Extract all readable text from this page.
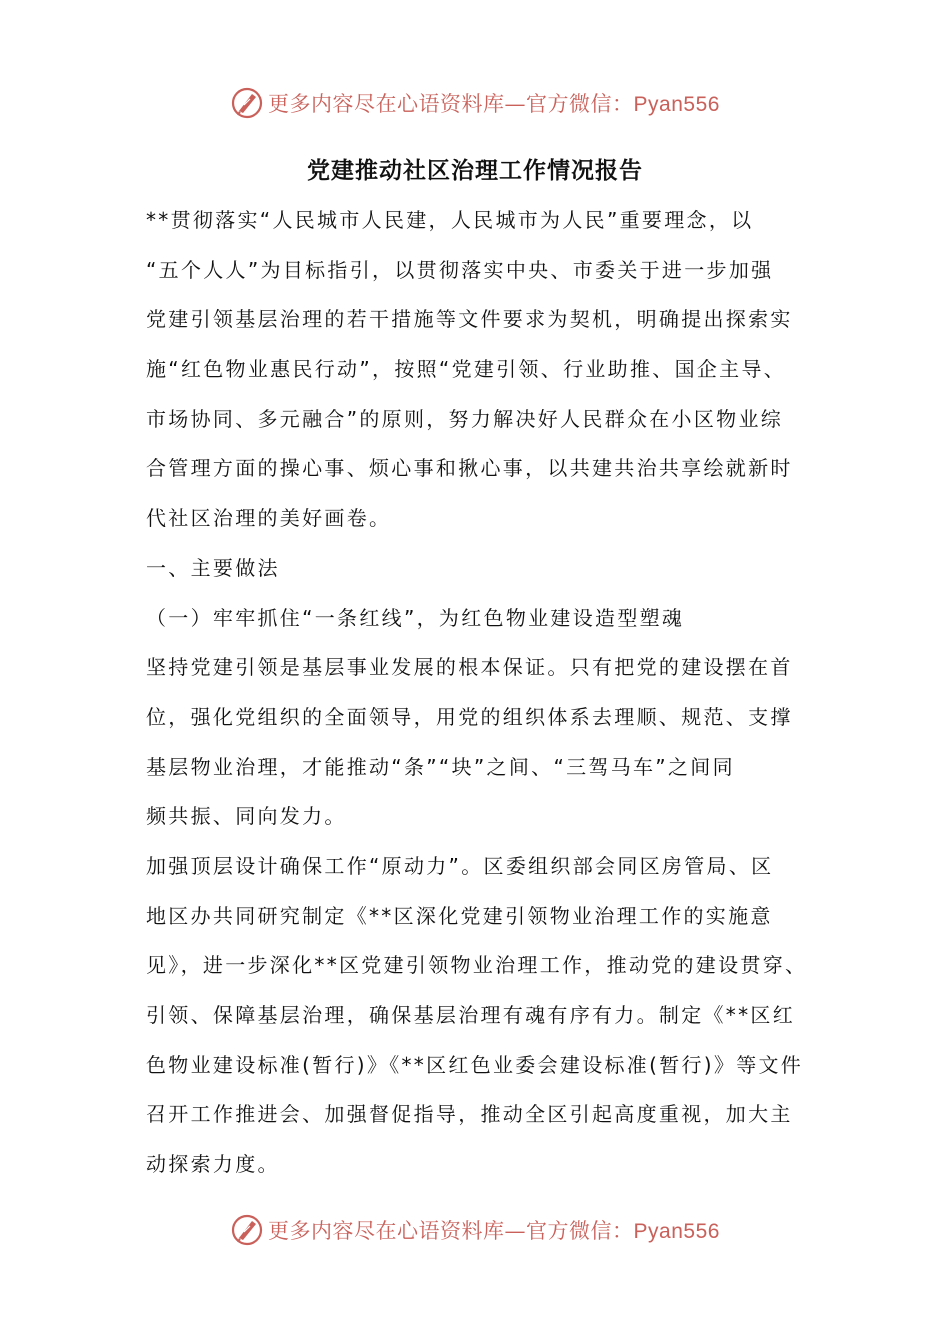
更多内容尽在心语资料库—官方微信：Pyan556
党建推动社区治理工作情况报告
**贯彻落实“人民城市人民建，人民城市为人民”重要理念，以
“五个人人”为目标指引，以贯彻落实中央、市委关于进一步加强
党建引领基层治理的若干措施等文件要求为契机，明确提出探索实
施“红色物业惠民行动”，按照“党建引领、行业助推、国企主导、
市场协同、多元融合”的原则，努力解决好人民群众在小区物业综
合管理方面的操心事、烦心事和揪心事，以共建共治共享绘就新时
代社区治理的美好画卷。
一、主要做法
（一）牢牢抓住“一条红线”，为红色物业建设造型塑魂
坚持党建引领是基层事业发展的根本保证。只有把党的建设摆在首
位，强化党组织的全面领导，用党的组织体系去理顺、规范、支撑
基层物业治理，才能推动“条”“块”之间、“三驾马车”之间同
频共振、同向发力。
加强顶层设计确保工作“原动力”。区委组织部会同区房管局、区
地区办共同研究制定《**区深化党建引领物业治理工作的实施意
见》，进一步深化**区党建引领物业治理工作，推动党的建设贯穿、
引领、保障基层治理，确保基层治理有魂有序有力。制定《**区红
色物业建设标准(暂行)》《**区红色业委会建设标准(暂行)》等文件
召开工作推进会、加强督促指导，推动全区引起高度重视，加大主
动探索力度。
更多内容尽在心语资料库—官方微信：Pyan556
